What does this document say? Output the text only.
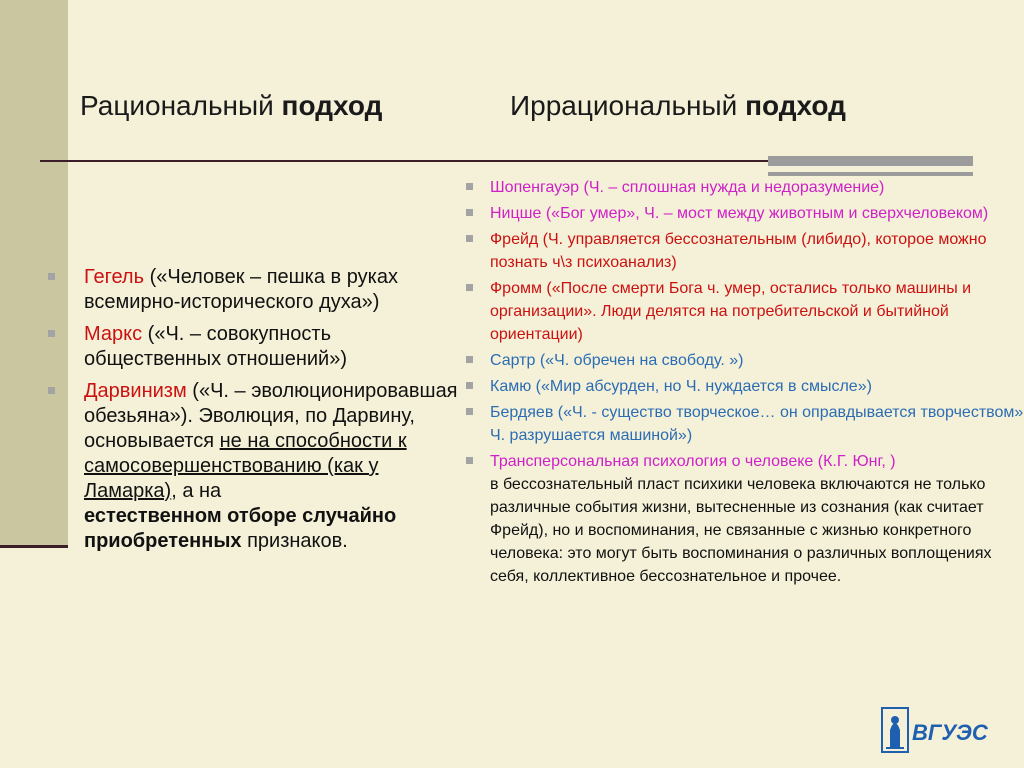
Рациональный подход	Иррациональный подход
Гегель («Человек – пешка в руках всемирно-исторического духа»)
Маркс («Ч. – совокупность общественных отношений»)
Дарвинизм («Ч. – эволюционировавшая обезьяна»). Эволюция, по Дарвину, основывается не на способности к самосовершенствованию (как у Ламарка), а на
естественном отборе случайно приобретенных признаков.
Шопенгауэр (Ч. – сплошная нужда и недоразумение)
Ницше («Бог умер», Ч. – мост между животным и сверхчеловеком)
Фрейд (Ч. управляется бессознательным (либидо), которое можно познать ч\з психоанализ)
Фромм («После смерти Бога ч. умер, остались только машины и организации». Люди делятся на потребительской и бытийной ориентации)
Сартр («Ч. обречен на свободу. »)
Камю («Мир абсурден, но Ч. нуждается в смысле»)
Бердяев («Ч. - существо творческое… он оправдывается творчеством» Ч. разрушается машиной»)
Трансперсональная психология о человеке (К.Г. Юнг, )
в бессознательный пласт психики человека включаются не только различные события жизни, вытесненные из сознания (как считает Фрейд), но и воспоминания, не связанные с жизнью конкретного человека: это могут быть воспоминания о различных воплощениях себя, коллективное бессознательное и прочее.
ВГУЭС
